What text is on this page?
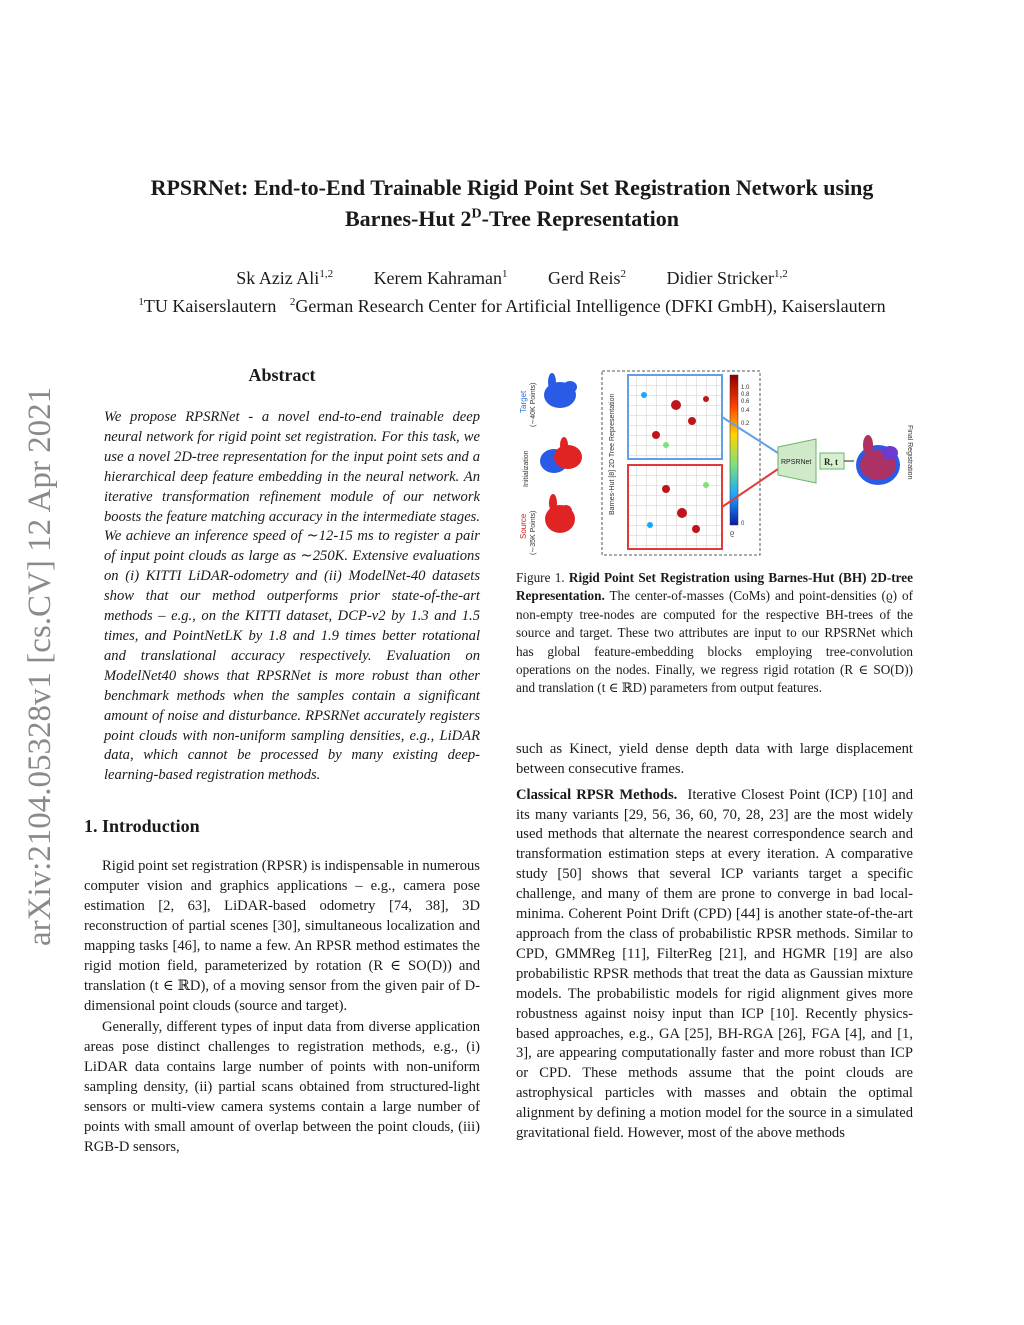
arXiv:2104.05328v1 [cs.CV] 12 Apr 2021
RPSRNet: End-to-End Trainable Rigid Point Set Registration Network using
Barnes-Hut $2^D$-Tree Representation
Sk Aziz Ali$^{1,2}$ Kerem Kahraman$^1$ Gerd Reis$^2$ Didier Stricker$^{1,2}$
$^1$TU Kaiserslautern $^2$German Research Center for Artificial Intelligence (DFKI GmbH), Kaiserslautern
Abstract

We propose RPSRNet - a novel end-to-end trainable deep neural network for rigid point set registration. For this task, we use a novel 2D-tree representation for the input point sets and a hierarchical deep feature embedding in the neural network. An iterative transformation refinement module of our network boosts the feature matching accuracy in the intermediate stages. We achieve an inference speed of ∼12-15 ms to register a pair of input point clouds as large as ∼250K. Extensive evaluations on (i) KITTI LiDAR-odometry and (ii) ModelNet-40 datasets show that our method outperforms prior state-of-the-art methods – e.g., on the KITTI dataset, DCP-v2 by 1.3 and 1.5 times, and PointNetLK by 1.8 and 1.9 times better rotational and translational accuracy respectively. Evaluation on ModelNet40 shows that RPSRNet is more robust than other benchmark methods when the samples contain a significant amount of noise and disturbance. RPSRNet accurately registers point clouds with non-uniform sampling densities, e.g., LiDAR data, which cannot be processed by many existing deep-learning-based registration methods.

1. Introduction

Rigid point set registration (RPSR) is indispensable in numerous computer vision and graphics applications – e.g., camera pose estimation [2, 63], LiDAR-based odometry [74, 38], 3D reconstruction of partial scenes [30], simultaneous localization and mapping tasks [46], to name a few. An RPSR method estimates the rigid motion field, parameterized by rotation (R ∈ SO(D)) and translation (t ∈ ℝD), of a moving sensor from the given pair of D-dimensional point clouds (source and target).

Generally, different types of input data from diverse application areas pose distinct challenges to registration methods, e.g., (i) LiDAR data contains large number of points with non-uniform sampling density, (ii) partial scans obtained from structured-light sensors or multi-view camera systems contain a large number of points with small amount of overlap between the point clouds, (iii) RGB-D sensors,

Target (∼40K Points)
Initialization
Source (∼35K Points)
Barnes-Hut [8] 2D Tree Representation
1.0
0.8
0.6
0.4
0.2
0
ϱ
RPSRNet R, t	Final Registration

Figure 1. Rigid Point Set Registration using Barnes-Hut (BH) 2D-tree Representation. The center-of-masses (CoMs) and point-densities (ϱ) of non-empty tree-nodes are computed for the respective BH-trees of the source and target. These two attributes are input to our RPSRNet which has global feature-embedding blocks employing tree-convolution operations on the nodes. Finally, we regress rigid rotation (R ∈ SO(D)) and translation (t ∈ ℝD) parameters from output features.

such as Kinect, yield dense depth data with large displacement between consecutive frames.

Classical RPSR Methods. Iterative Closest Point (ICP) [10] and its many variants [29, 56, 36, 60, 70, 28, 23] are the most widely used methods that alternate the nearest correspondence search and transformation estimation steps at every iteration. A comparative study [50] shows that several ICP variants target a specific challenge, and many of them are prone to converge in bad local-minima. Coherent Point Drift (CPD) [44] is another state-of-the-art approach from the class of probabilistic RPSR methods. Similar to CPD, GMMReg [11], FilterReg [21], and HGMR [19] are also probabilistic RPSR methods that treat the data as Gaussian mixture models. The probabilistic models for rigid alignment gives more robustness against noisy input than ICP [10]. Recently physics-based approaches, e.g., GA [25], BH-RGA [26], FGA [4], and [1, 3], are appearing computationally faster and more robust than ICP or CPD. These methods assume that the point clouds are astrophysical particles with masses and obtain the optimal alignment by defining a motion model for the source in a simulated gravitational field. However, most of the above methods
